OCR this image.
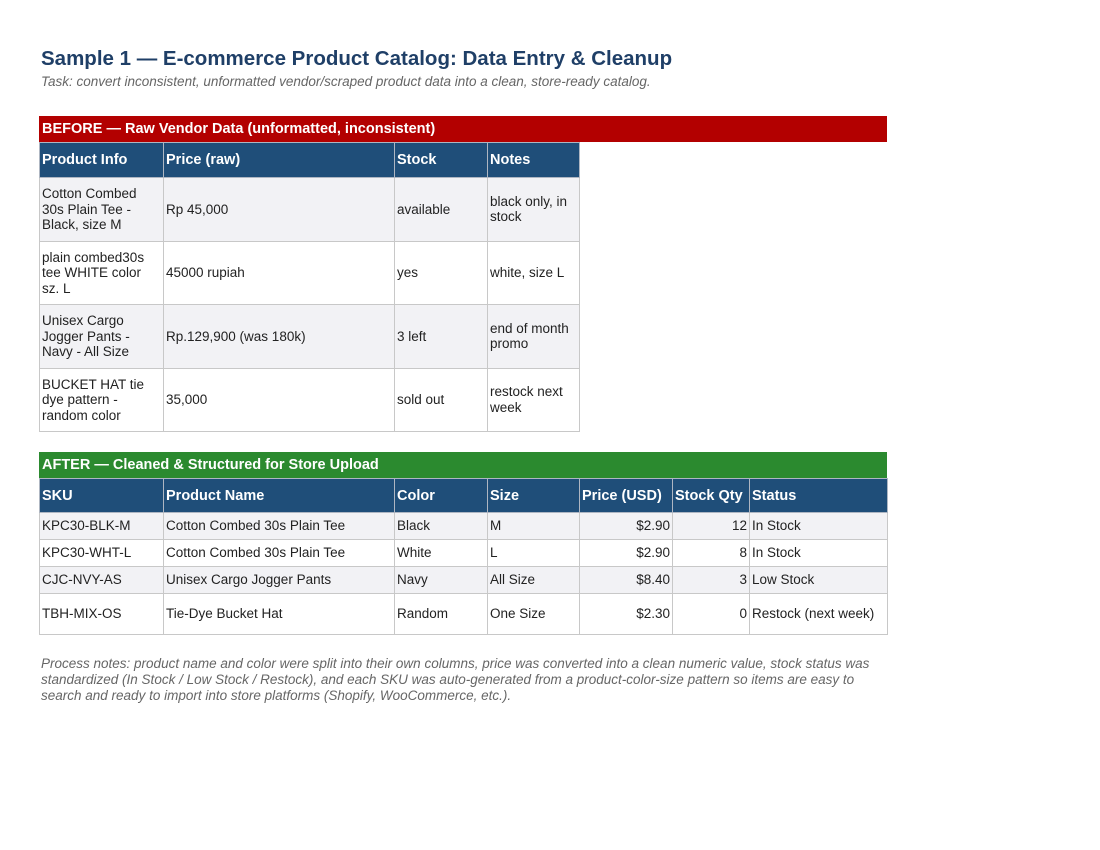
Sample 1 — E-commerce Product Catalog: Data Entry & Cleanup
Task: convert inconsistent, unformatted vendor/scraped product data into a clean, store-ready catalog.
BEFORE — Raw Vendor Data (unformatted, inconsistent)
Product Info	Price (raw)	Stock	Notes
Cotton Combed 30s Plain Tee - Black, size M	Rp 45,000	available	black only, in stock
plain combed30s tee WHITE color sz. L	45000 rupiah	yes	white, size L
Unisex Cargo Jogger Pants - Navy - All Size	Rp.129,900 (was 180k)	3 left	end of month promo
BUCKET HAT tie dye pattern - random color	35,000	sold out	restock next week
AFTER — Cleaned & Structured for Store Upload
SKU	Product Name	Color	Size	Price (USD)	Stock Qty	Status
KPC30-BLK-M	Cotton Combed 30s Plain Tee	Black	M	$2.90	12	In Stock
KPC30-WHT-L	Cotton Combed 30s Plain Tee	White	L	$2.90	8	In Stock
CJC-NVY-AS	Unisex Cargo Jogger Pants	Navy	All Size	$8.40	3	Low Stock
TBH-MIX-OS	Tie-Dye Bucket Hat	Random	One Size	$2.30	0	Restock (next week)
Process notes: product name and color were split into their own columns, price was converted into a clean numeric value, stock status was standardized (In Stock / Low Stock / Restock), and each SKU was auto-generated from a product-color-size pattern so items are easy to search and ready to import into store platforms (Shopify, WooCommerce, etc.).
